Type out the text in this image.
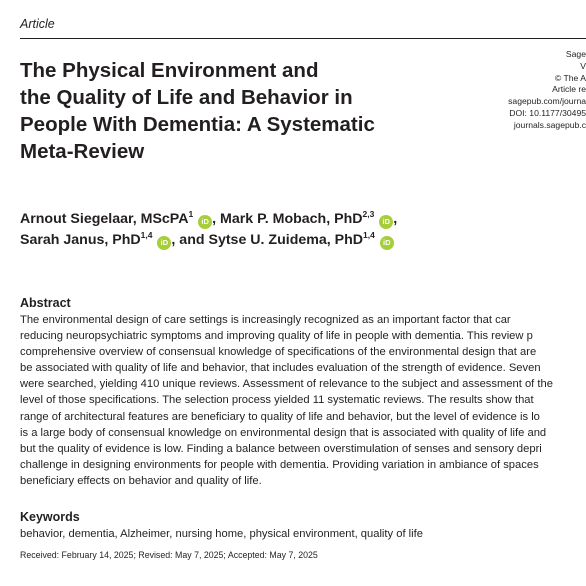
Article
The Physical Environment and
the Quality of Life and Behavior in
People With Dementia: A Systematic
Meta-Review
Sage
V
© The A
Article re
sagepub.com/journa
DOI: 10.1177/30495
journals.sagepub.c
Arnout Siegelaar, MScPA$^1$ iD , Mark P. Mobach, PhD$^{2,3}$ iD ,
Sarah Janus, PhD$^{1,4}$ iD , and Sytse U. Zuidema, PhD$^{1,4}$ iD
Abstract
The environmental design of care settings is increasingly recognized as an important factor that car
reducing neuropsychiatric symptoms and improving quality of life in people with dementia. This review p
comprehensive overview of consensual knowledge of specifications of the environmental design that are
be associated with quality of life and behavior, that includes evaluation of the strength of evidence. Seven
were searched, yielding 410 unique reviews. Assessment of relevance to the subject and assessment of the
level of those specifications. The selection process yielded 11 systematic reviews. The results show that
range of architectural features are beneficiary to quality of life and behavior, but the level of evidence is lo
is a large body of consensual knowledge on environmental design that is associated with quality of life and
but the quality of evidence is low. Finding a balance between overstimulation of senses and sensory depri
challenge in designing environments for people with dementia. Providing variation in ambiance of spaces
beneficiary effects on behavior and quality of life.
Keywords
behavior, dementia, Alzheimer, nursing home, physical environment, quality of life
Received: February 14, 2025; Revised: May 7, 2025; Accepted: May 7, 2025
